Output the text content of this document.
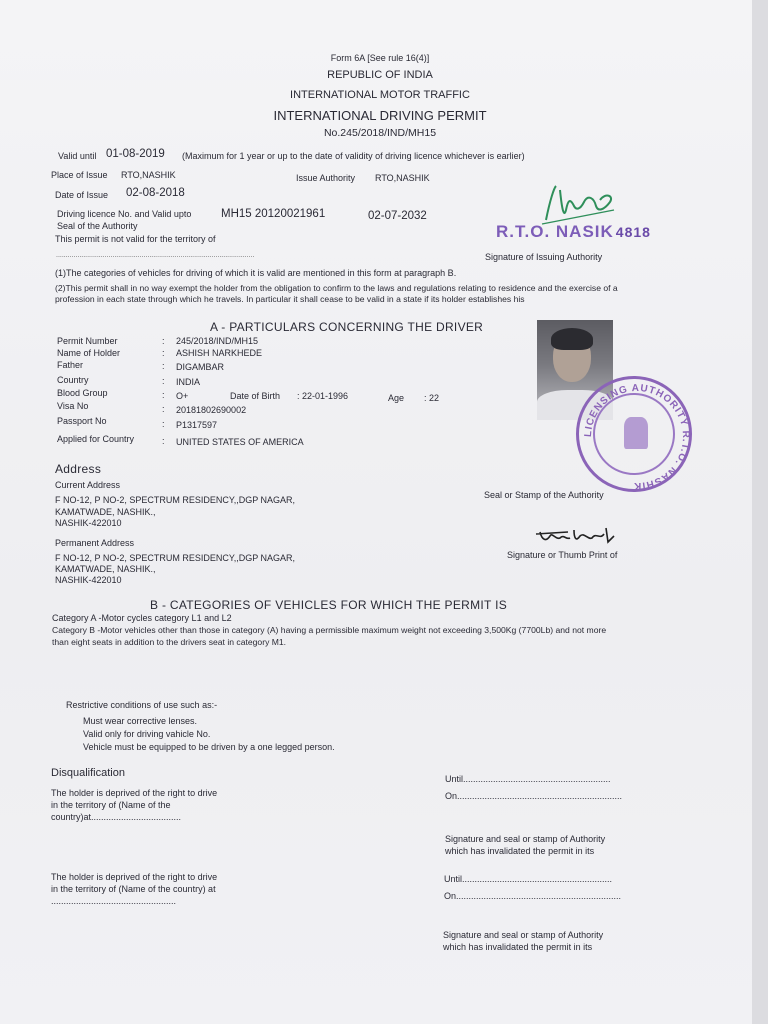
Form 6A [See rule 16(4)]
REPUBLIC OF INDIA
INTERNATIONAL MOTOR TRAFFIC
INTERNATIONAL DRIVING PERMIT
No.245/2018/IND/MH15
Valid until 01-08-2019 (Maximum for 1 year or up to the date of validity of driving licence whichever is earlier)
Place of Issue RTO,NASHIK	Issue Authority RTO,NASHIK
Date of Issue 02-08-2018
Driving licence No. and Valid upto	MH15 20120021961	02-07-2032
Seal of the Authority
This permit is not valid for the territory of
......................................................................................................	Signature of Issuing Authority
R.T.O. NASIK 4818
(1)The categories of vehicles for driving of which it is valid are mentioned in this form at paragraph B.
(2)This permit shall in no way exempt the holder from the obligation to confirm to the laws and regulations relating to residence and the exercise of a
profession in each state through which he travels. In particular it shall cease to be valid in a state if its holder establishes his
A - PARTICULARS CONCERNING THE DRIVER
Permit Number	: 245/2018/IND/MH15
Name of Holder	: ASHISH NARKHEDE
Father	: DIGAMBAR
Country	: INDIA
Blood Group	: O+	Date of Birth : 22-01-1996	Age : 22
Visa No	: 20181802690002
Passport No	: P1317597
Applied for Country	: UNITED STATES OF AMERICA
LICENSING AUTHORITY R.T.O. NASHIK
Address
Current Address
F NO-12, P NO-2, SPECTRUM RESIDENCY,,DGP NAGAR,
KAMATWADE, NASHIK.,
NASHIK-422010
Seal or Stamp of the Authority
Permanent Address
F NO-12, P NO-2, SPECTRUM RESIDENCY,,DGP NAGAR,
KAMATWADE, NASHIK.,
NASHIK-422010
Signature or Thumb Print of
B - CATEGORIES OF VEHICLES FOR WHICH THE PERMIT IS
Category A -Motor cycles category L1 and L2
Category B -Motor vehicles other than those in category (A) having a permissible maximum weight not exceeding 3,500Kg (7700Lb) and not more
than eight seats in addition to the drivers seat in category M1.
Restrictive conditions of use such as:-
Must wear corrective lenses.
Valid only for driving vahicle No.
Vehicle must be equipped to be driven by a one legged person.
Disqualification
The holder is deprived of the right to drive
in the territory of (Name of the
country)at....................................
Until...........................................................
On..................................................................
Signature and seal or stamp of Authority
which has invalidated the permit in its
The holder is deprived of the right to drive
in the territory of (Name of the country) at
..................................................
Until............................................................
On..................................................................
Signature and seal or stamp of Authority
which has invalidated the permit in its
